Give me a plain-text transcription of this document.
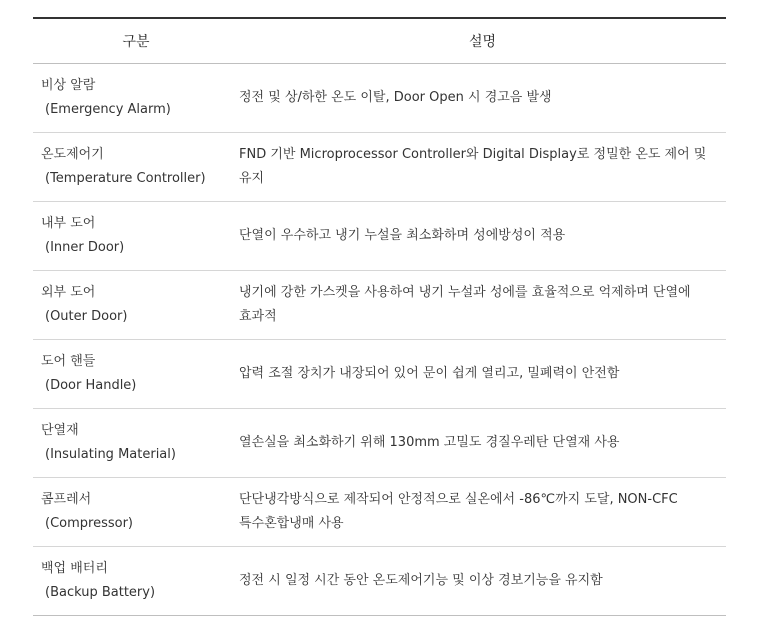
구분	설명

비상 알람
(Emergency Alarm)	정전 및 상/하한 온도 이탈, Door Open 시 경고음 발생

온도제어기
(Temperature Controller)	FND 기반 Microprocessor Controller와 Digital Display로 정밀한 온도 제어 및 유지

내부 도어
(Inner Door)	단열이 우수하고 냉기 누설을 최소화하며 성에방성이 적용

외부 도어
(Outer Door)	냉기에 강한 가스켓을 사용하여 냉기 누설과 성에를 효율적으로 억제하며 단열에 효과적

도어 핸들
(Door Handle)	압력 조절 장치가 내장되어 있어 문이 쉽게 열리고, 밀폐력이 안전함

단열재
(Insulating Material)	열손실을 최소화하기 위해 130mm 고밀도 경질우레탄 단열재 사용

콤프레서
(Compressor)	단단냉각방식으로 제작되어 안정적으로 실온에서 -86℃까지 도달, NON-CFC 특수혼합냉매 사용

백업 배터리
(Backup Battery)	정전 시 일정 시간 동안 온도제어기능 및 이상 경보기능을 유지함
